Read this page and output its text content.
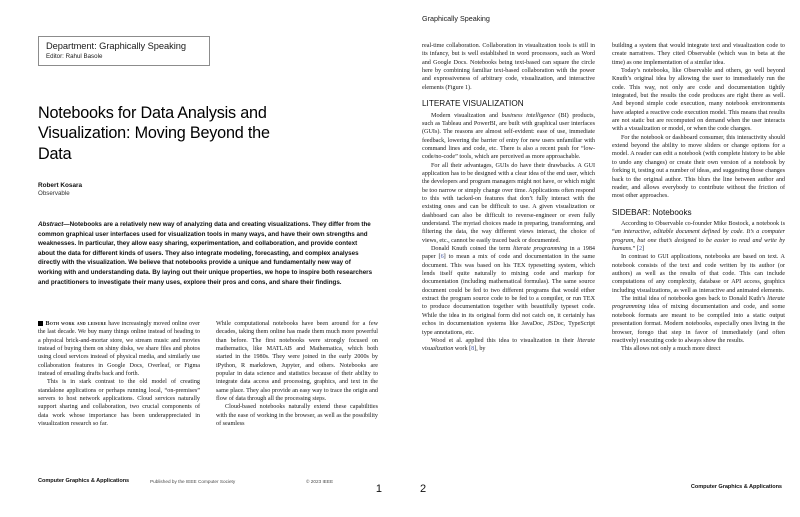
Department: Graphically Speaking
Editor: Rahul Basole
Notebooks for Data Analysis and Visualization: Moving Beyond the Data
Robert Kosara
Observable
Abstract—Notebooks are a relatively new way of analyzing data and creating visualizations. They differ from the common graphical user interfaces used for visualization tools in many ways, and have their own strengths and weaknesses. In particular, they allow easy sharing, experimentation, and collaboration, and provide context about the data for different kinds of users. They also integrate modeling, forecasting, and complex analyses directly with the visualization. We believe that notebooks provide a unique and fundamentally new way of working with and understanding data. By laying out their unique properties, we hope to inspire both researchers and practitioners to investigate their many uses, explore their pros and cons, and share their findings.

Both work and leisure have increasingly moved online over the last decade. We buy many things online instead of heading to a physical brick-and-mortar store, we stream music and movies instead of buying them on shiny disks, we share files and photos using cloud services instead of physical media, and similarly use collaboration features in Google Docs, Overleaf, or Figma instead of emailing drafts back and forth.

This is in stark contrast to the old model of creating standalone applications or perhaps running local, “on-premises” servers to host network applications. Cloud services naturally support sharing and collaboration, two crucial components of data work whose importance has been underappreciated in visualization research so far.

While computational notebooks have been around for a few decades, taking them online has made them much more powerful than before. The first notebooks were strongly focused on mathematics, like MATLAB and Mathematica, which both started in the 1980s. They were joined in the early 2000s by iPython, R markdown, Jupyter, and others. Notebooks are popular in data science and statistics because of their ability to integrate data access and processing, graphics, and text in the same place. They also provide an easy way to trace the origin and flow of data through all the processing steps.

Cloud-based notebooks naturally extend these capabilities with the ease of working in the browser, as well as the possibility of seamless

Computer Graphics & Applications	Published by the IEEE Computer Society	© 2023 IEEE
1
Graphically Speaking

real-time collaboration. Collaboration in visualization tools is still in its infancy, but is well established in word processors, such as Word and Google Docs. Notebooks being text-based can square the circle here by combining familiar text-based collaboration with the power and expressiveness of arbitrary code, visualization, and interactive elements (Figure 1).

LITERATE VISUALIZATION

Modern visualization and business intelligence (BI) products, such as Tableau and PowerBI, are built with graphical user interfaces (GUIs). The reasons are almost self-evident: ease of use, immediate feedback, lowering the barrier of entry for new users unfamiliar with command lines and code, etc. There is also a recent push for “low-code/no-code” tools, which are perceived as more approachable.

For all their advantages, GUIs do have their drawbacks. A GUI application has to be designed with a clear idea of the end user, which the developers and program managers might not have, or which might be too narrow or simply change over time. Applications often respond to this with tacked-on features that don’t fully interact with the existing ones and can be difficult to use. A given visualization or dashboard can also be difficult to reverse-engineer or even fully understand. The myriad choices made in preparing, transforming, and filtering the data, the way different views interact, the choice of views, etc., cannot be easily traced back or documented.

Donald Knuth coined the term literate programming in a 1984 paper [6] to mean a mix of code and documentation in the same document. This was based on his TEX typesetting system, which lends itself quite naturally to mixing code and markup for documentation (including mathematical formulas). The same source document could be fed to two different programs that would either extract the program source code to be fed to a compiler, or run TEX to produce documentation together with beautifully typeset code. While the idea in its original form did not catch on, it certainly has echos in documentation systems like JavaDoc, JSDoc, TypeScript type annotations, etc.

Wood et al. applied this idea to visualization in their literate visualization work [8], by

building a system that would integrate text and visualization code to create narratives. They cited Observable (which was in beta at the time) as one implementation of a similar idea.

Today’s notebooks, like Observable and others, go well beyond Knuth’s original idea by allowing the user to immediately run the code. This way, not only are code and documentation tightly integrated, but the results the code produces are right there as well. And beyond simple code execution, many notebook environments have adapted a reactive code execution model. This means that results are not static but are recomputed on demand when the user interacts with a visualization or model, or when the code changes.

For the notebook or dashboard consumer, this interactivity should extend beyond the ability to move sliders or change options for a model. A reader can edit a notebook (with complete history to be able to undo any changes) or create their own version of a notebook by forking it, testing out a number of ideas, and suggesting those changes back to the original author. This blurs the line between author and reader, and allows everybody to contribute without the friction of most other approaches.

SIDEBAR: Notebooks

According to Observable co-founder Mike Bostock, a notebook is “an interactive, editable document defined by code. It’s a computer program, but one that’s designed to be easier to read and write by humans.” [2]

In contrast to GUI applications, notebooks are based on text. A notebook consists of the text and code written by its author (or authors) as well as the results of that code. This can include computations of any complexity, database or API access, graphics including visualizations, as well as interactive and animated elements.

The initial idea of notebooks goes back to Donald Kuth’s literate programming idea of mixing documentation and code, and some notebook formats are meant to be compiled into a static output presentation format. Modern notebooks, especially ones living in the browser, forego that step in favor of immediately (and often reactively) executing code to always show the results.

This allows not only a much more direct

2	Computer Graphics & Applications
